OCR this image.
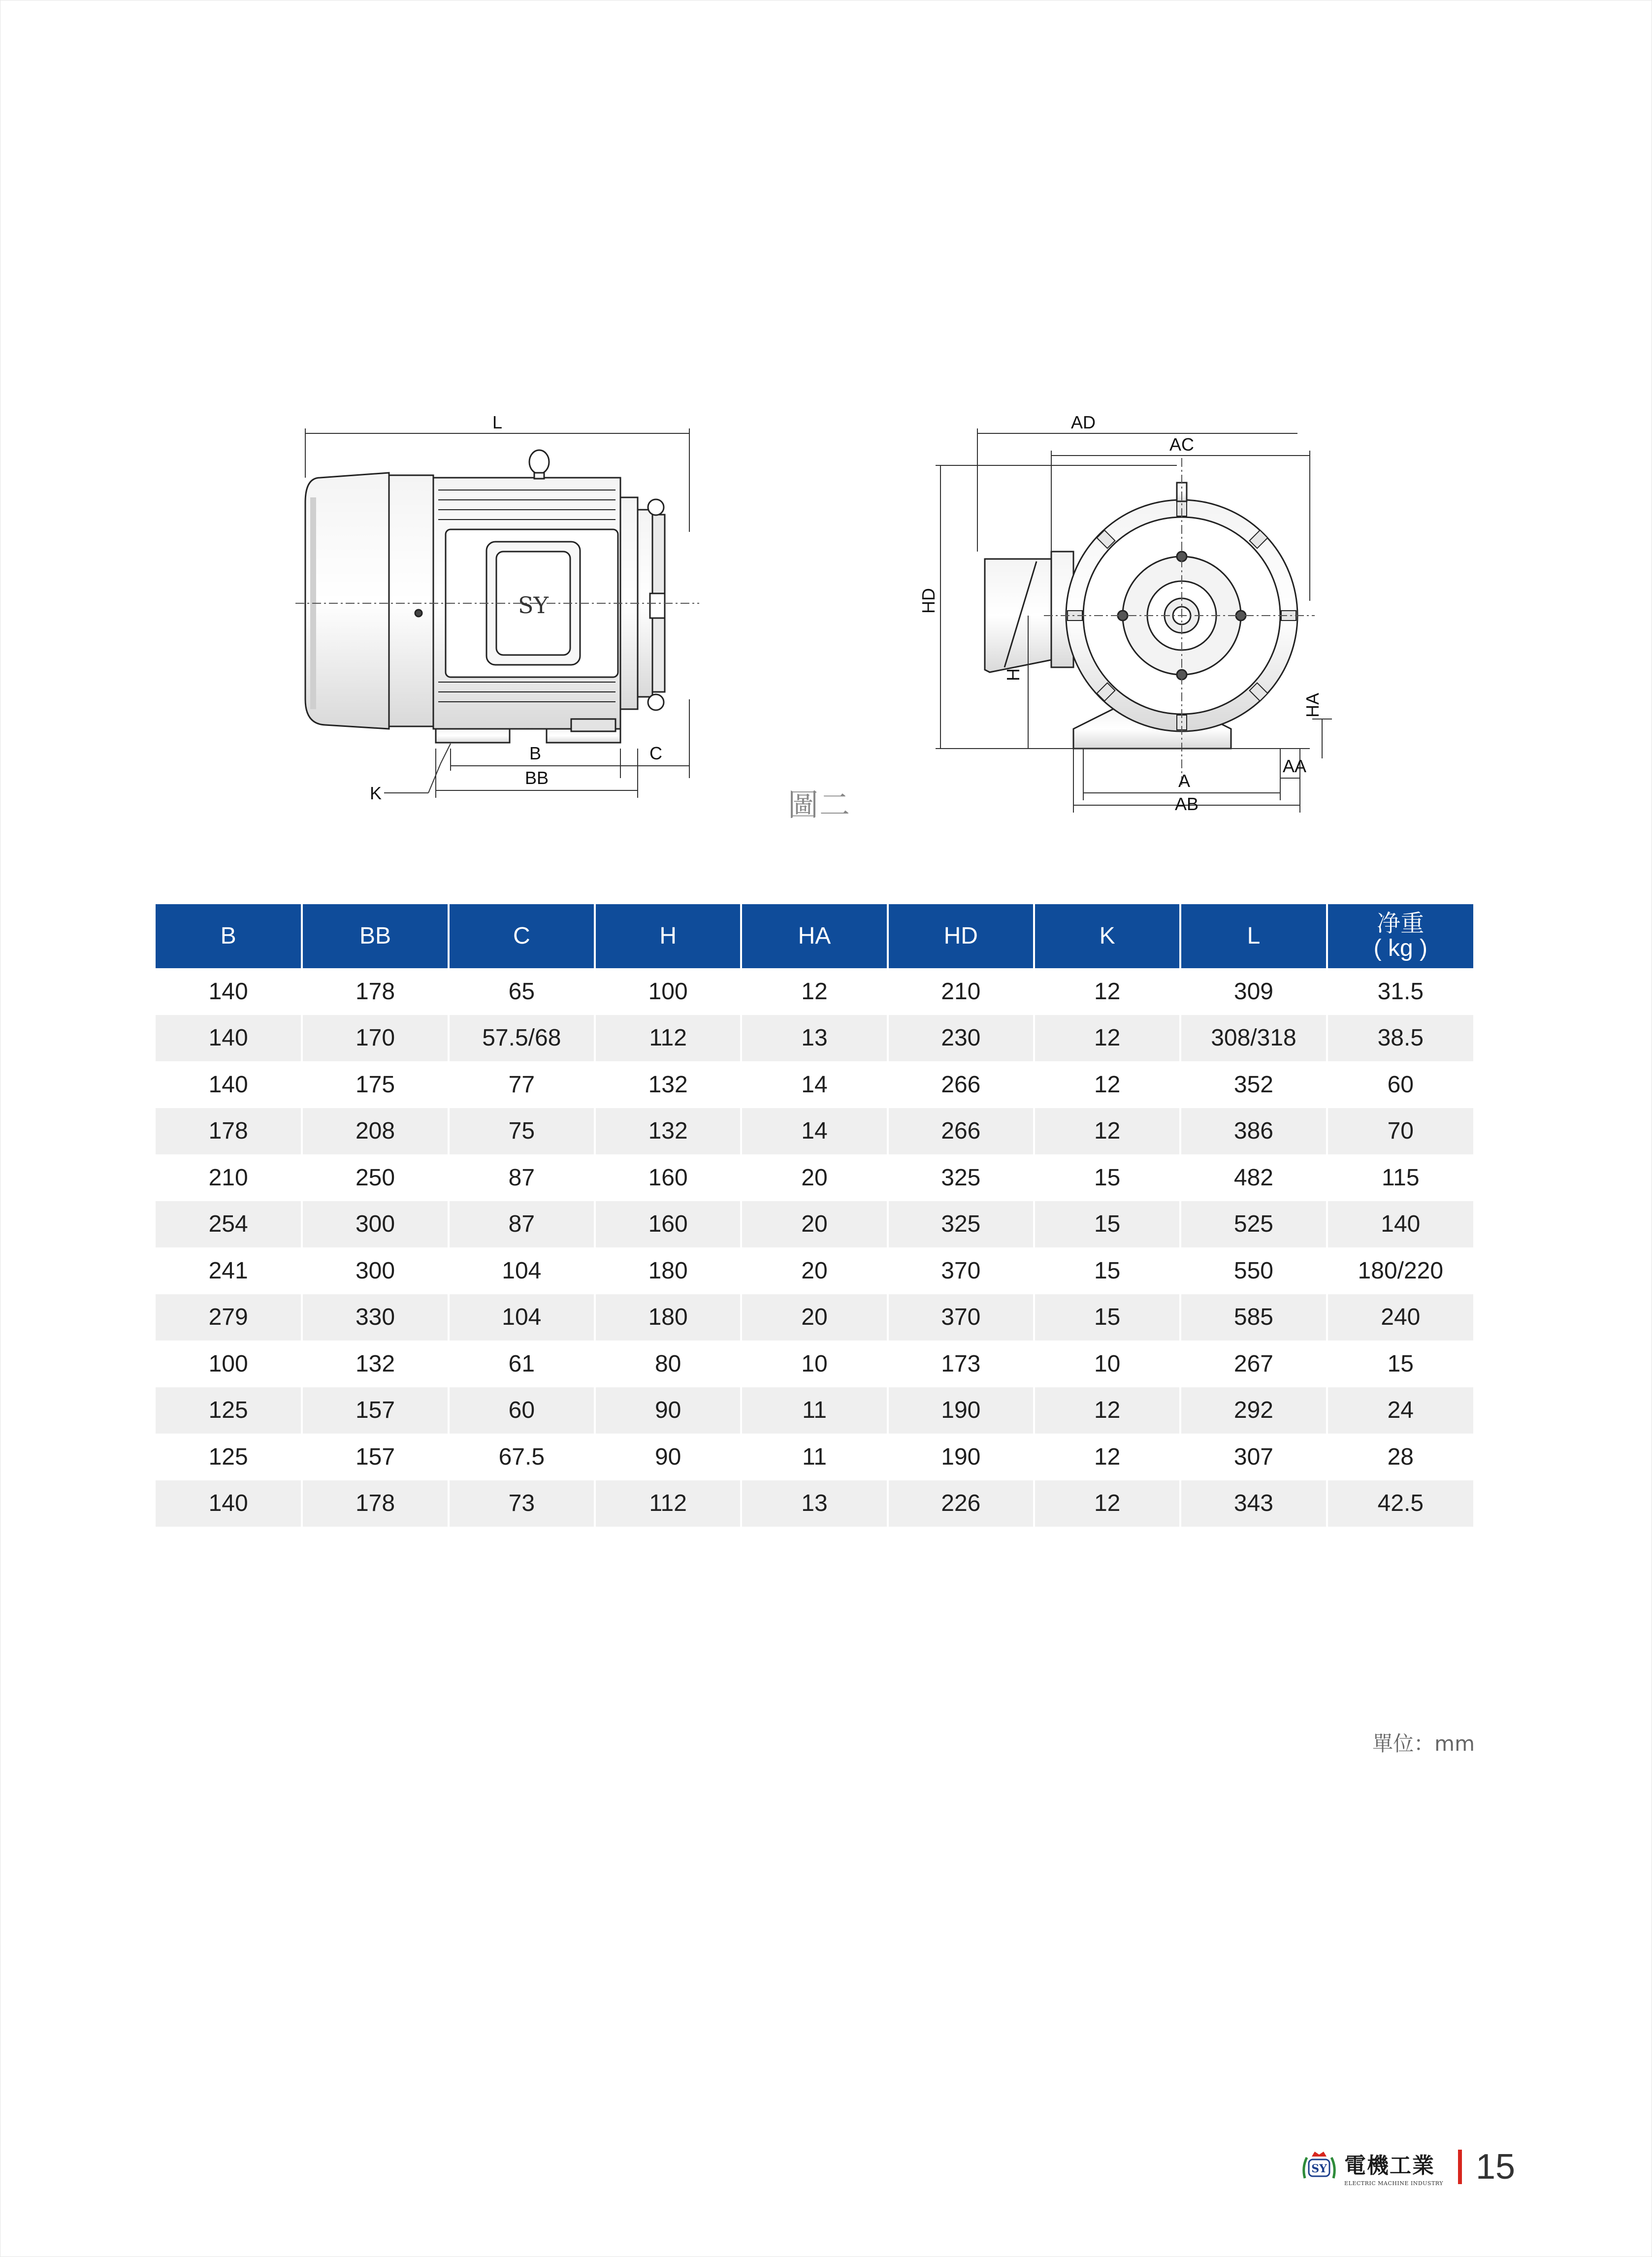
SY
L
B	C
BB
K
AD
AC
HD
H
HA
AA
A
AB
圖二
B	BB	C	H	HA	HD	K	L	净重
( kg )

140	178	65	100	12	210	12	309	31.5
140	170	57.5/68	112	13	230	12	308/318	38.5
140	175	77	132	14	266	12	352	60
178	208	75	132	14	266	12	386	70
210	250	87	160	20	325	15	482	115
254	300	87	160	20	325	15	525	140
241	300	104	180	20	370	15	550	180/220
279	330	104	180	20	370	15	585	240
100	132	61	80	10	173	10	267	15
125	157	60	90	11	190	12	292	24
125	157	67.5	90	11	190	12	307	28
140	178	73	112	13	226	12	343	42.5
單位：mm
SY 電機工業
ELECTRIC MACHINE INDUSTRY 15
